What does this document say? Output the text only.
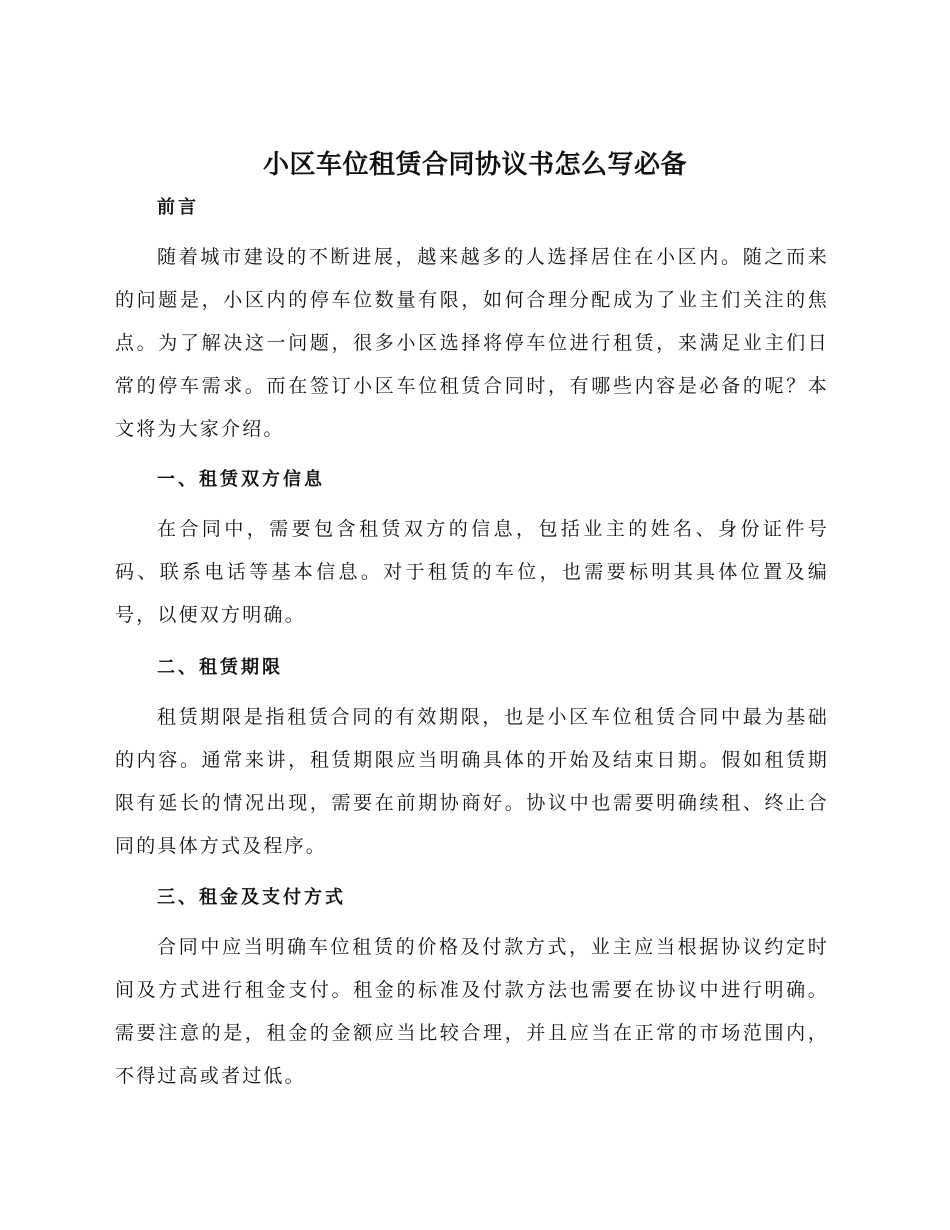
小区车位租赁合同协议书怎么写必备
前言

随着城市建设的不断进展，越来越多的人选择居住在小区内。随之而来的问题是，小区内的停车位数量有限，如何合理分配成为了业主们关注的焦点。为了解决这一问题，很多小区选择将停车位进行租赁，来满足业主们日常的停车需求。而在签订小区车位租赁合同时，有哪些内容是必备的呢？本文将为大家介绍。

一、租赁双方信息

在合同中，需要包含租赁双方的信息，包括业主的姓名、身份证件号码、联系电话等基本信息。对于租赁的车位，也需要标明其具体位置及编号，以便双方明确。

二、租赁期限

租赁期限是指租赁合同的有效期限，也是小区车位租赁合同中最为基础的内容。通常来讲，租赁期限应当明确具体的开始及结束日期。假如租赁期限有延长的情况出现，需要在前期协商好。协议中也需要明确续租、终止合同的具体方式及程序。

三、租金及支付方式

合同中应当明确车位租赁的价格及付款方式，业主应当根据协议约定时间及方式进行租金支付。租金的标准及付款方法也需要在协议中进行明确。需要注意的是，租金的金额应当比较合理，并且应当在正常的市场范围内，不得过高或者过低。
